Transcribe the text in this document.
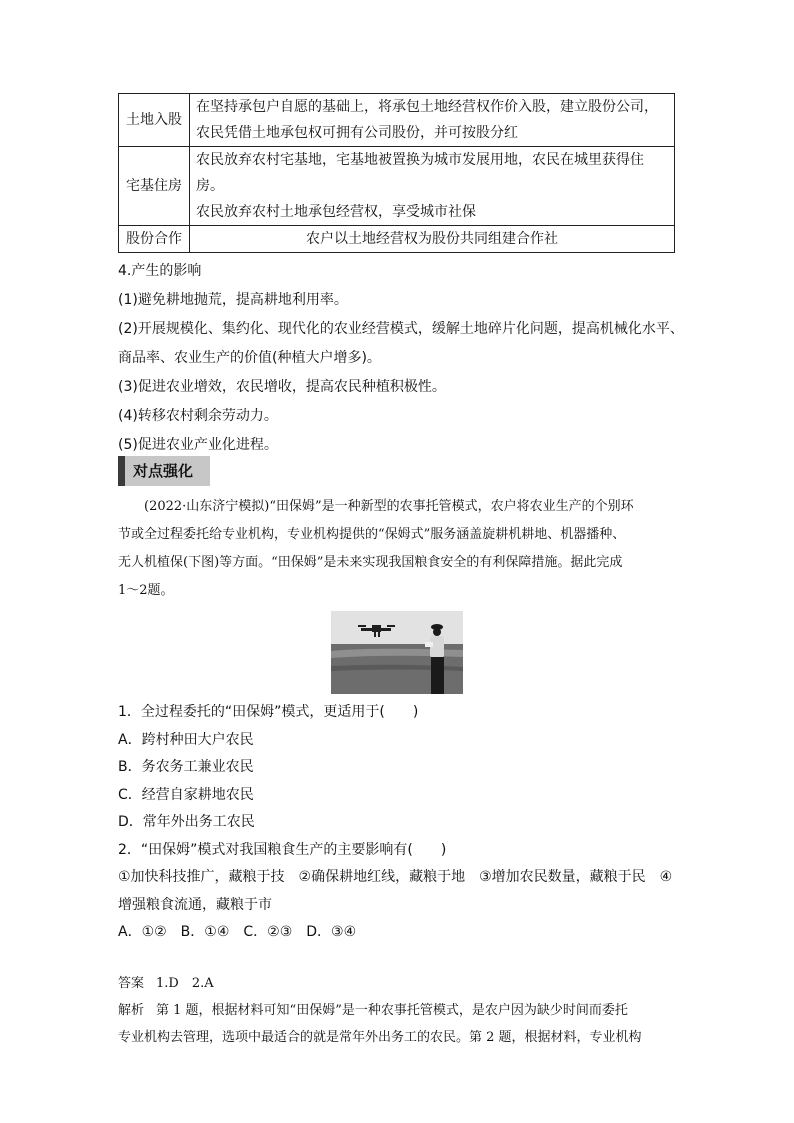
土地入股	在坚持承包户自愿的基础上，将承包土地经营权作价入股，建立股份公司，
农民凭借土地承包权可拥有公司股份，并可按股分红

宅基住房	农民放弃农村宅基地，宅基地被置换为城市发展用地，农民在城里获得住房。
农民放弃农村土地承包经营权，享受城市社保

股份合作	农户以土地经营权为股份共同组建合作社
4.产生的影响
(1)避免耕地抛荒，提高耕地利用率。
(2)开展规模化、集约化、现代化的农业经营模式，缓解土地碎片化问题，提高机械化水平、
商品率、农业生产的价值(种植大户增多)。
(3)促进农业增效，农民增收，提高农民种植积极性。
(4)转移农村剩余劳动力。
(5)促进农业产业化进程。
对点强化
(2022·山东济宁模拟)“田保姆”是一种新型的农事托管模式，农户将农业生产的个别环
节或全过程委托给专业机构，专业机构提供的“保姆式”服务涵盖旋耕机耕地、机器播种、
无人机植保(下图)等方面。“田保姆”是未来实现我国粮食安全的有利保障措施。据此完成
1～2题。
1．全过程委托的“田保姆”模式，更适用于(　　)
A．跨村种田大户农民
B．务农务工兼业农民
C．经营自家耕地农民
D．常年外出务工农民
2．“田保姆”模式对我国粮食生产的主要影响有(　　)
①加快科技推广，藏粮于技　②确保耕地红线，藏粮于地　③增加农民数量，藏粮于民　④
增强粮食流通，藏粮于市
A．①②　B．①④　C．②③　D．③④
答案 1.D　2.A
解析 第 1 题，根据材料可知“田保姆”是一种农事托管模式，是农户因为缺少时间而委托
专业机构去管理，选项中最适合的就是常年外出务工的农民。第 2 题，根据材料，专业机构
